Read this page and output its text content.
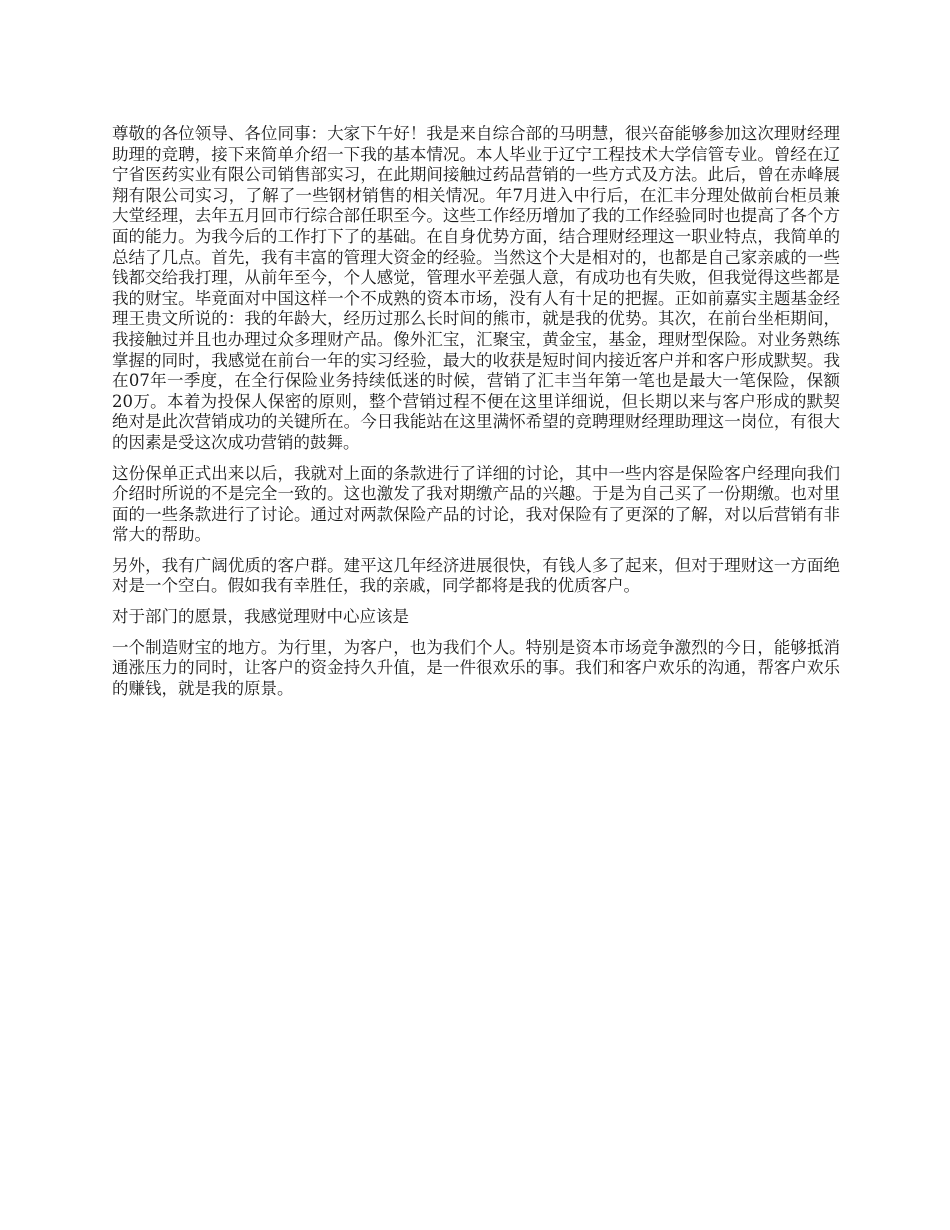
尊敬的各位领导、各位同事：大家下午好！我是来自综合部的马明慧，很兴奋能够参加这次理财经理助理的竞聘，接下来简单介绍一下我的基本情况。本人毕业于辽宁工程技术大学信管专业。曾经在辽宁省医药实业有限公司销售部实习，在此期间接触过药品营销的一些方式及方法。此后，曾在赤峰展翔有限公司实习，了解了一些钢材销售的相关情况。年7月进入中行后，在汇丰分理处做前台柜员兼大堂经理，去年五月回市行综合部任职至今。这些工作经历增加了我的工作经验同时也提高了各个方面的能力。为我今后的工作打下了的基础。在自身优势方面，结合理财经理这一职业特点，我简单的总结了几点。首先，我有丰富的管理大资金的经验。当然这个大是相对的，也都是自己家亲戚的一些钱都交给我打理，从前年至今，个人感觉，管理水平差强人意，有成功也有失败，但我觉得这些都是我的财宝。毕竟面对中国这样一个不成熟的资本市场，没有人有十足的把握。正如前嘉实主题基金经理王贵文所说的：我的年龄大，经历过那么长时间的熊市，就是我的优势。其次，在前台坐柜期间，我接触过并且也办理过众多理财产品。像外汇宝，汇聚宝，黄金宝，基金，理财型保险。对业务熟练掌握的同时，我感觉在前台一年的实习经验，最大的收获是短时间内接近客户并和客户形成默契。我在07年一季度，在全行保险业务持续低迷的时候，营销了汇丰当年第一笔也是最大一笔保险，保额20万。本着为投保人保密的原则，整个营销过程不便在这里详细说，但长期以来与客户形成的默契绝对是此次营销成功的关键所在。今日我能站在这里满怀希望的竞聘理财经理助理这一岗位，有很大的因素是受这次成功营销的鼓舞。

这份保单正式出来以后，我就对上面的条款进行了详细的讨论，其中一些内容是保险客户经理向我们介绍时所说的不是完全一致的。这也激发了我对期缴产品的兴趣。于是为自己买了一份期缴。也对里面的一些条款进行了讨论。通过对两款保险产品的讨论，我对保险有了更深的了解，对以后营销有非常大的帮助。

另外，我有广阔优质的客户群。建平这几年经济进展很快，有钱人多了起来，但对于理财这一方面绝对是一个空白。假如我有幸胜任，我的亲戚，同学都将是我的优质客户。

对于部门的愿景，我感觉理财中心应该是

一个制造财宝的地方。为行里，为客户，也为我们个人。特别是资本市场竞争激烈的今日，能够抵消通涨压力的同时，让客户的资金持久升值，是一件很欢乐的事。我们和客户欢乐的沟通，帮客户欢乐的赚钱，就是我的原景。
